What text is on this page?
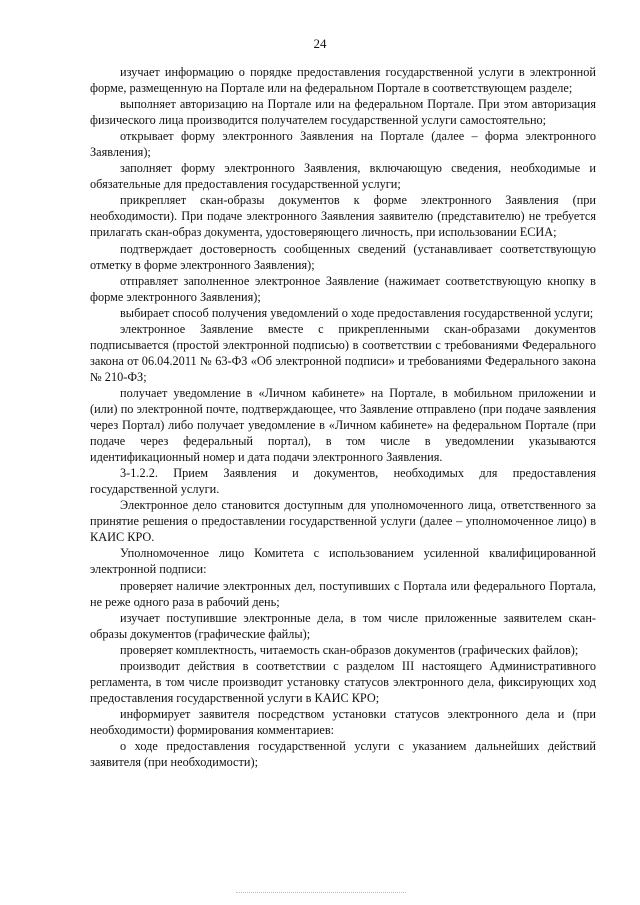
24

изучает информацию о порядке предоставления государственной услуги в электронной форме, размещенную на Портале или на федеральном Портале в соответствующем разделе;

выполняет авторизацию на Портале или на федеральном Портале. При этом авторизация физического лица производится получателем государственной услуги самостоятельно;

открывает форму электронного Заявления на Портале (далее – форма электронного Заявления);

заполняет форму электронного Заявления, включающую сведения, необходимые и обязательные для предоставления государственной услуги;

прикрепляет скан-образы документов к форме электронного Заявления (при необходимости). При подаче электронного Заявления заявителю (представителю) не требуется прилагать скан-образ документа, удостоверяющего личность, при использовании ЕСИА;

подтверждает достоверность сообщенных сведений (устанавливает соответствующую отметку в форме электронного Заявления);

отправляет заполненное электронное Заявление (нажимает соответствующую кнопку в форме электронного Заявления);

выбирает способ получения уведомлений о ходе предоставления государственной услуги;

электронное Заявление вместе с прикрепленными скан-образами документов подписывается (простой электронной подписью) в соответствии с требованиями Федерального закона от 06.04.2011 № 63-ФЗ «Об электронной подписи» и требованиями Федерального закона № 210-ФЗ;

получает уведомление в «Личном кабинете» на Портале, в мобильном приложении и (или) по электронной почте, подтверждающее, что Заявление отправлено (при подаче заявления через Портал) либо получает уведомление в «Личном кабинете» на федеральном Портале (при подаче через федеральный портал), в том числе в уведомлении указываются идентификационный номер и дата подачи электронного Заявления.

3-1.2.2. Прием Заявления и документов, необходимых для предоставления государственной услуги.

Электронное дело становится доступным для уполномоченного лица, ответственного за принятие решения о предоставлении государственной услуги (далее – уполномоченное лицо) в КАИС КРО.

Уполномоченное лицо Комитета с использованием усиленной квалифицированной электронной подписи:

проверяет наличие электронных дел, поступивших с Портала или федерального Портала, не реже одного раза в рабочий день;

изучает поступившие электронные дела, в том числе приложенные заявителем скан-образы документов (графические файлы);

проверяет комплектность, читаемость скан-образов документов (графических файлов);

производит действия в соответствии с разделом III настоящего Административного регламента, в том числе производит установку статусов электронного дела, фиксирующих ход предоставления государственной услуги в КАИС КРО;

информирует заявителя посредством установки статусов электронного дела и (при необходимости) формирования комментариев:

о ходе предоставления государственной услуги с указанием дальнейших действий заявителя (при необходимости);
